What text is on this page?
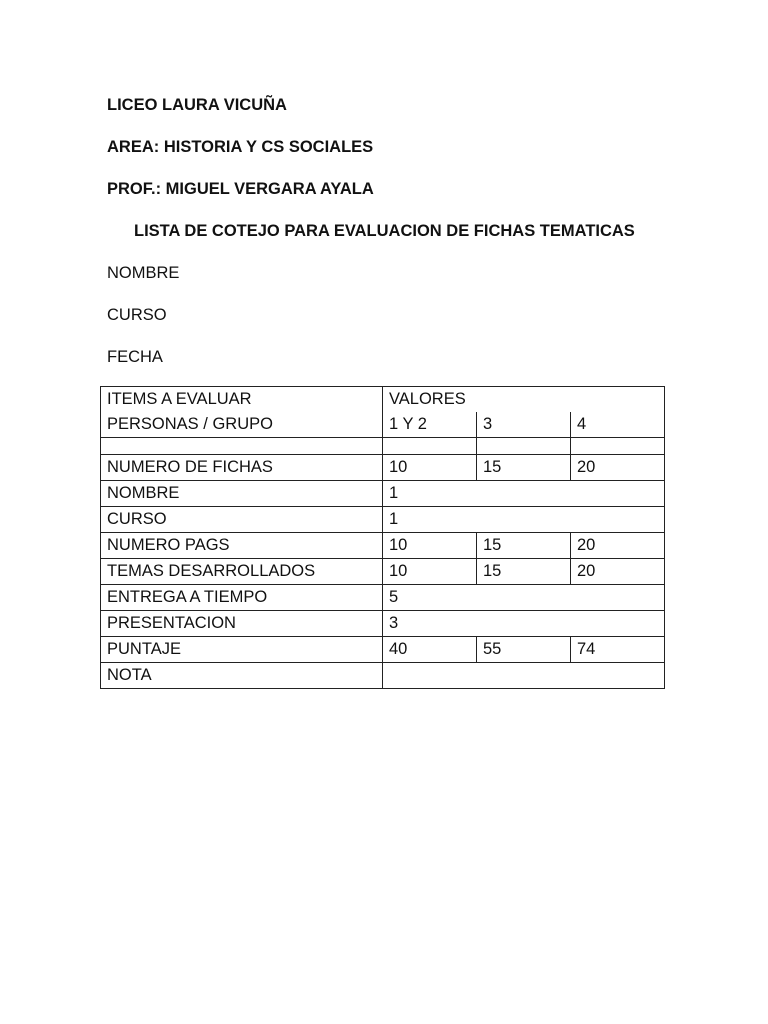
LICEO LAURA VICUÑA
AREA: HISTORIA Y CS SOCIALES
PROF.: MIGUEL VERGARA AYALA
LISTA DE COTEJO PARA EVALUACION DE FICHAS TEMATICAS
NOMBRE
CURSO
FECHA
ITEMS A EVALUAR	VALORES		
PERSONAS / GRUPO	1 Y 2	3	4

NUMERO DE FICHAS	10	15	20
NOMBRE	1		
CURSO	1		
NUMERO PAGS	10	15	20
TEMAS DESARROLLADOS	10	15	20
ENTREGA A TIEMPO	5		
PRESENTACION	3		
PUNTAJE	40	55	74
NOTA			
